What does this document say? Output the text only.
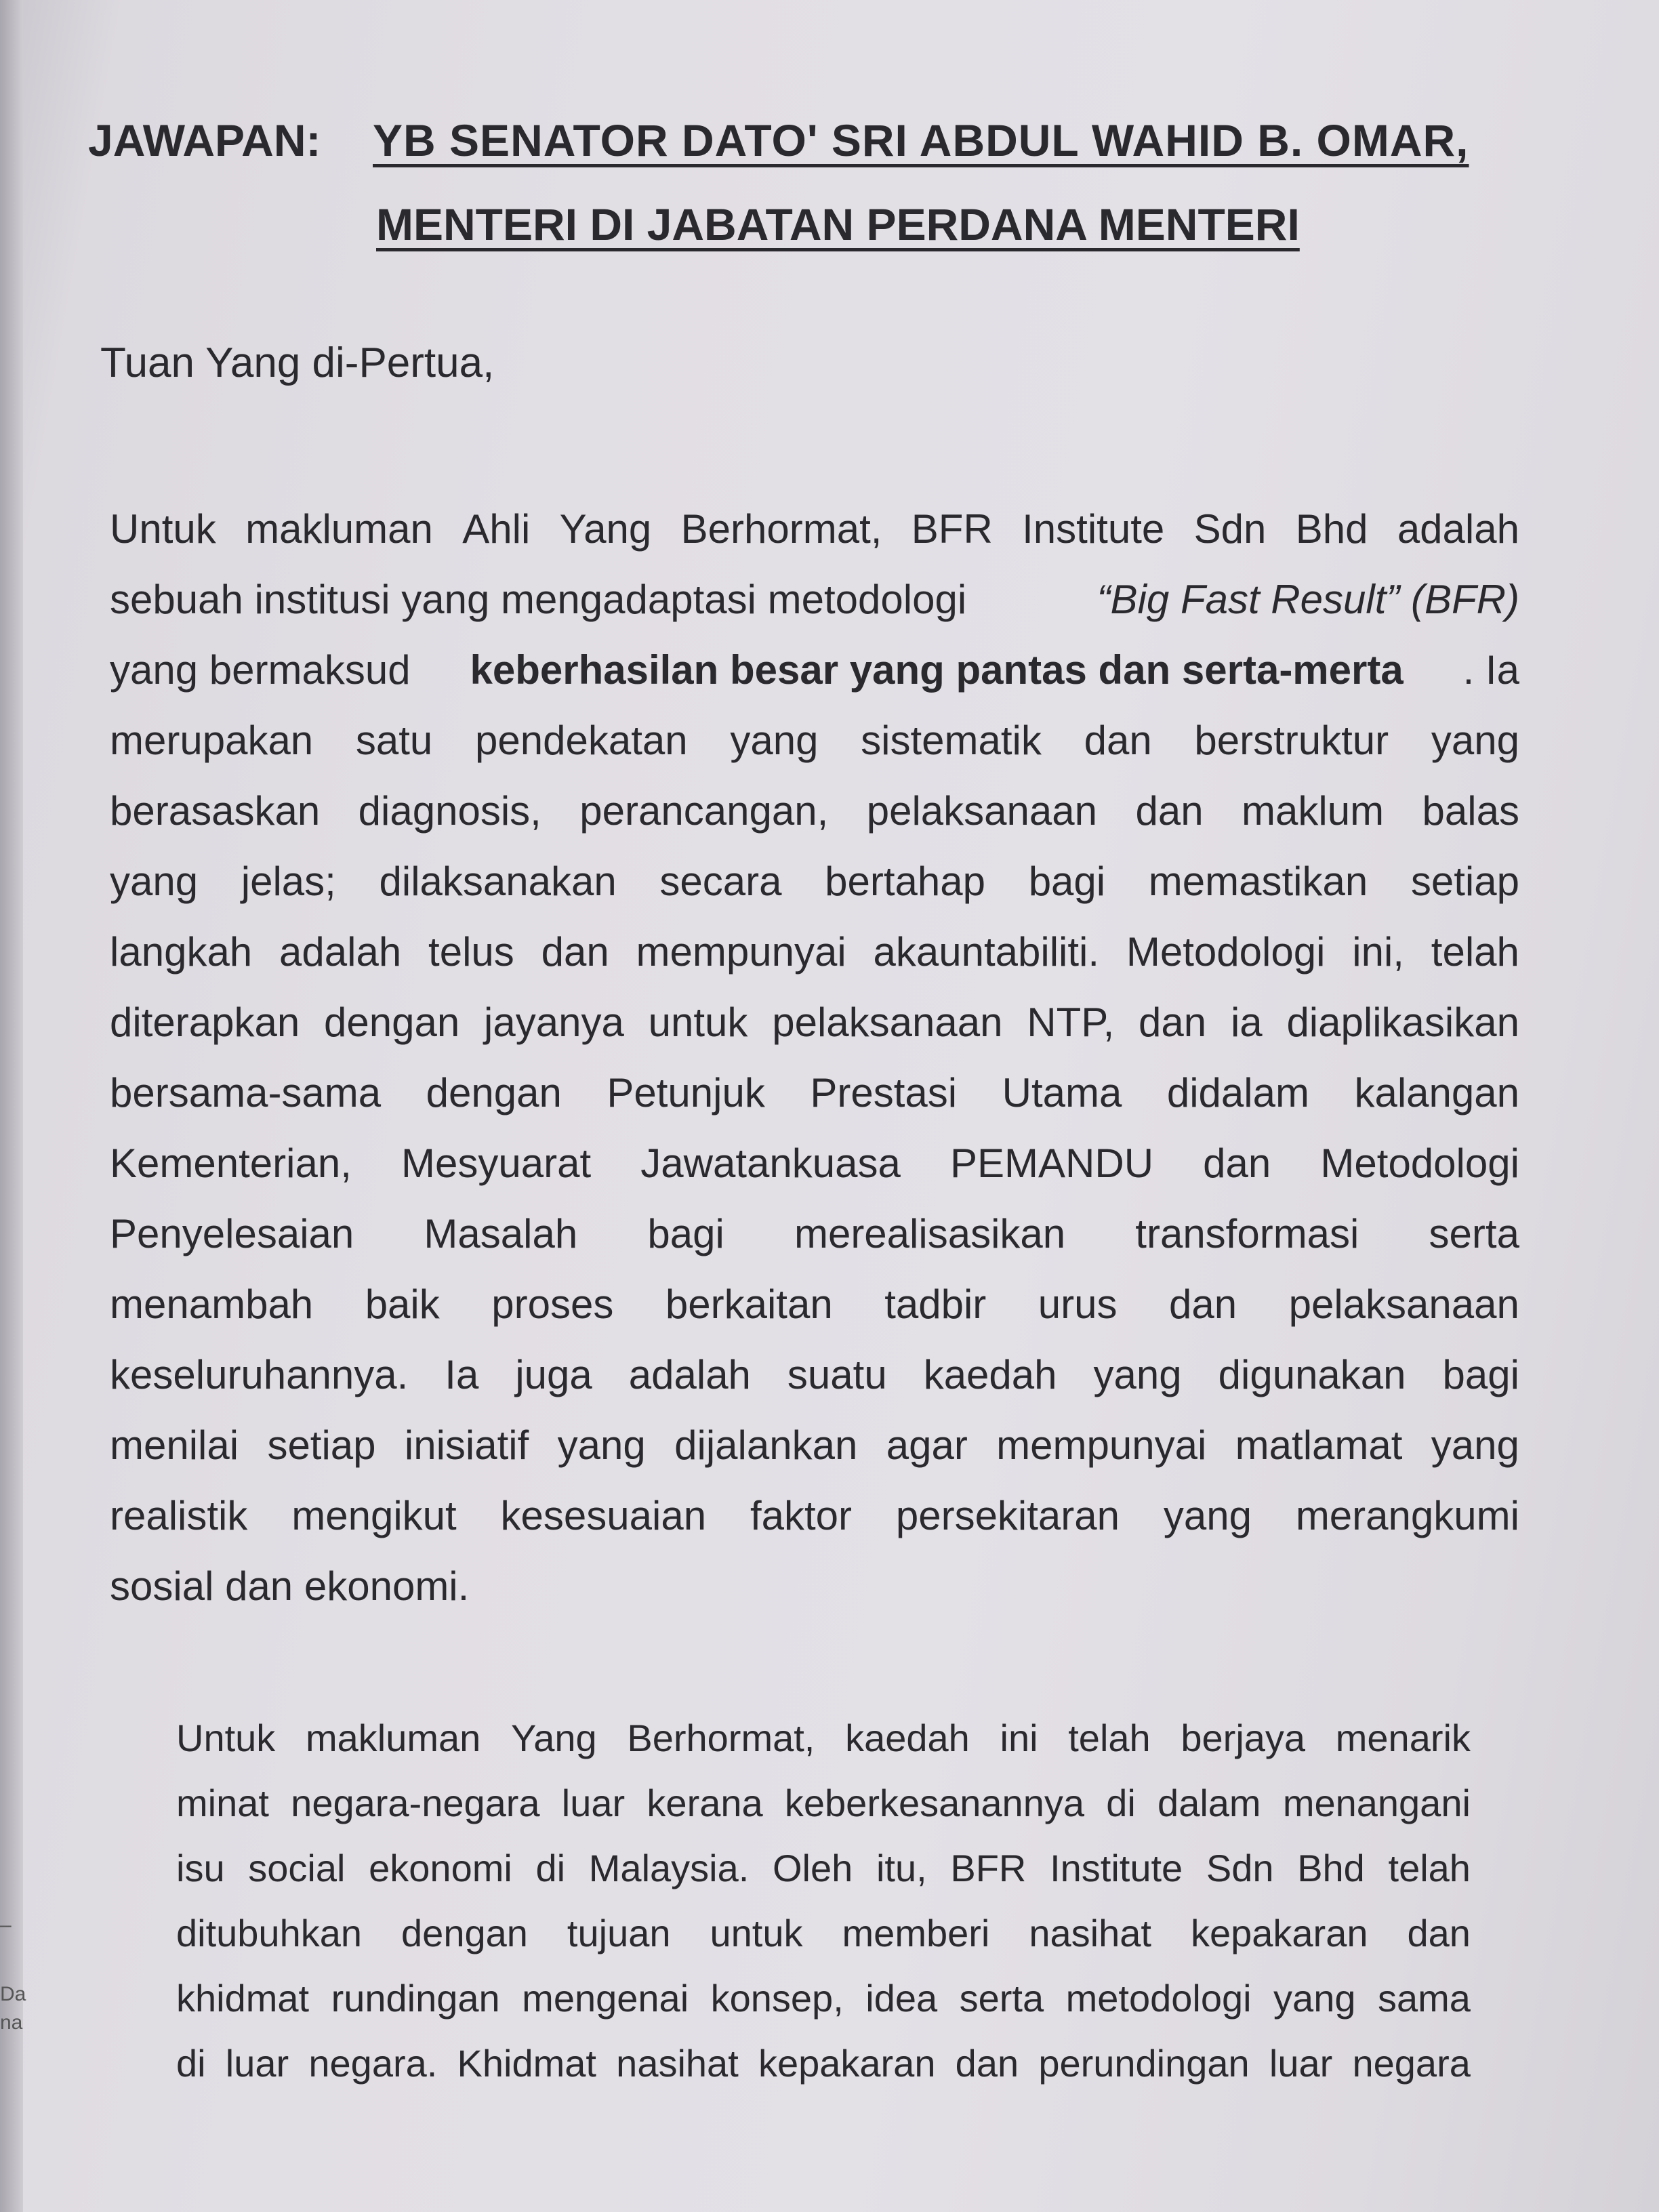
JAWAPAN: YB SENATOR DATO' SRI ABDUL WAHID B. OMAR,
MENTERI DI JABATAN PERDANA MENTERI
Tuan Yang di-Pertua,
Untuk makluman Ahli Yang Berhormat, BFR Institute Sdn Bhd adalah
sebuah institusi yang mengadaptasi metodologi	“Big Fast Result” (BFR)
yang bermaksud keberhasilan besar yang pantas dan serta-merta . Ia
merupakan satu pendekatan yang sistematik dan berstruktur yang
berasaskan diagnosis, perancangan, pelaksanaan dan maklum balas
yang jelas; dilaksanakan secara bertahap bagi memastikan setiap
langkah adalah telus dan mempunyai akauntabiliti. Metodologi ini, telah
diterapkan dengan jayanya untuk pelaksanaan NTP, dan ia diaplikasikan
bersama-sama dengan Petunjuk Prestasi Utama didalam kalangan
Kementerian, Mesyuarat Jawatankuasa PEMANDU dan Metodologi
Penyelesaian Masalah bagi merealisasikan transformasi serta
menambah baik proses berkaitan tadbir urus dan pelaksanaan
keseluruhannya. Ia juga adalah suatu kaedah yang digunakan bagi
menilai setiap inisiatif yang dijalankan agar mempunyai matlamat yang
realistik mengikut kesesuaian faktor persekitaran yang merangkumi
sosial dan ekonomi.
Untuk makluman Yang Berhormat, kaedah ini telah berjaya menarik
minat negara-negara luar kerana keberkesanannya di dalam menangani
isu social ekonomi di Malaysia. Oleh itu, BFR Institute Sdn Bhd telah
ditubuhkan dengan tujuan untuk memberi nasihat kepakaran dan
khidmat rundingan mengenai konsep, idea serta metodologi yang sama
di luar negara. Khidmat nasihat kepakaran dan perundingan luar negara
–
Da
na
